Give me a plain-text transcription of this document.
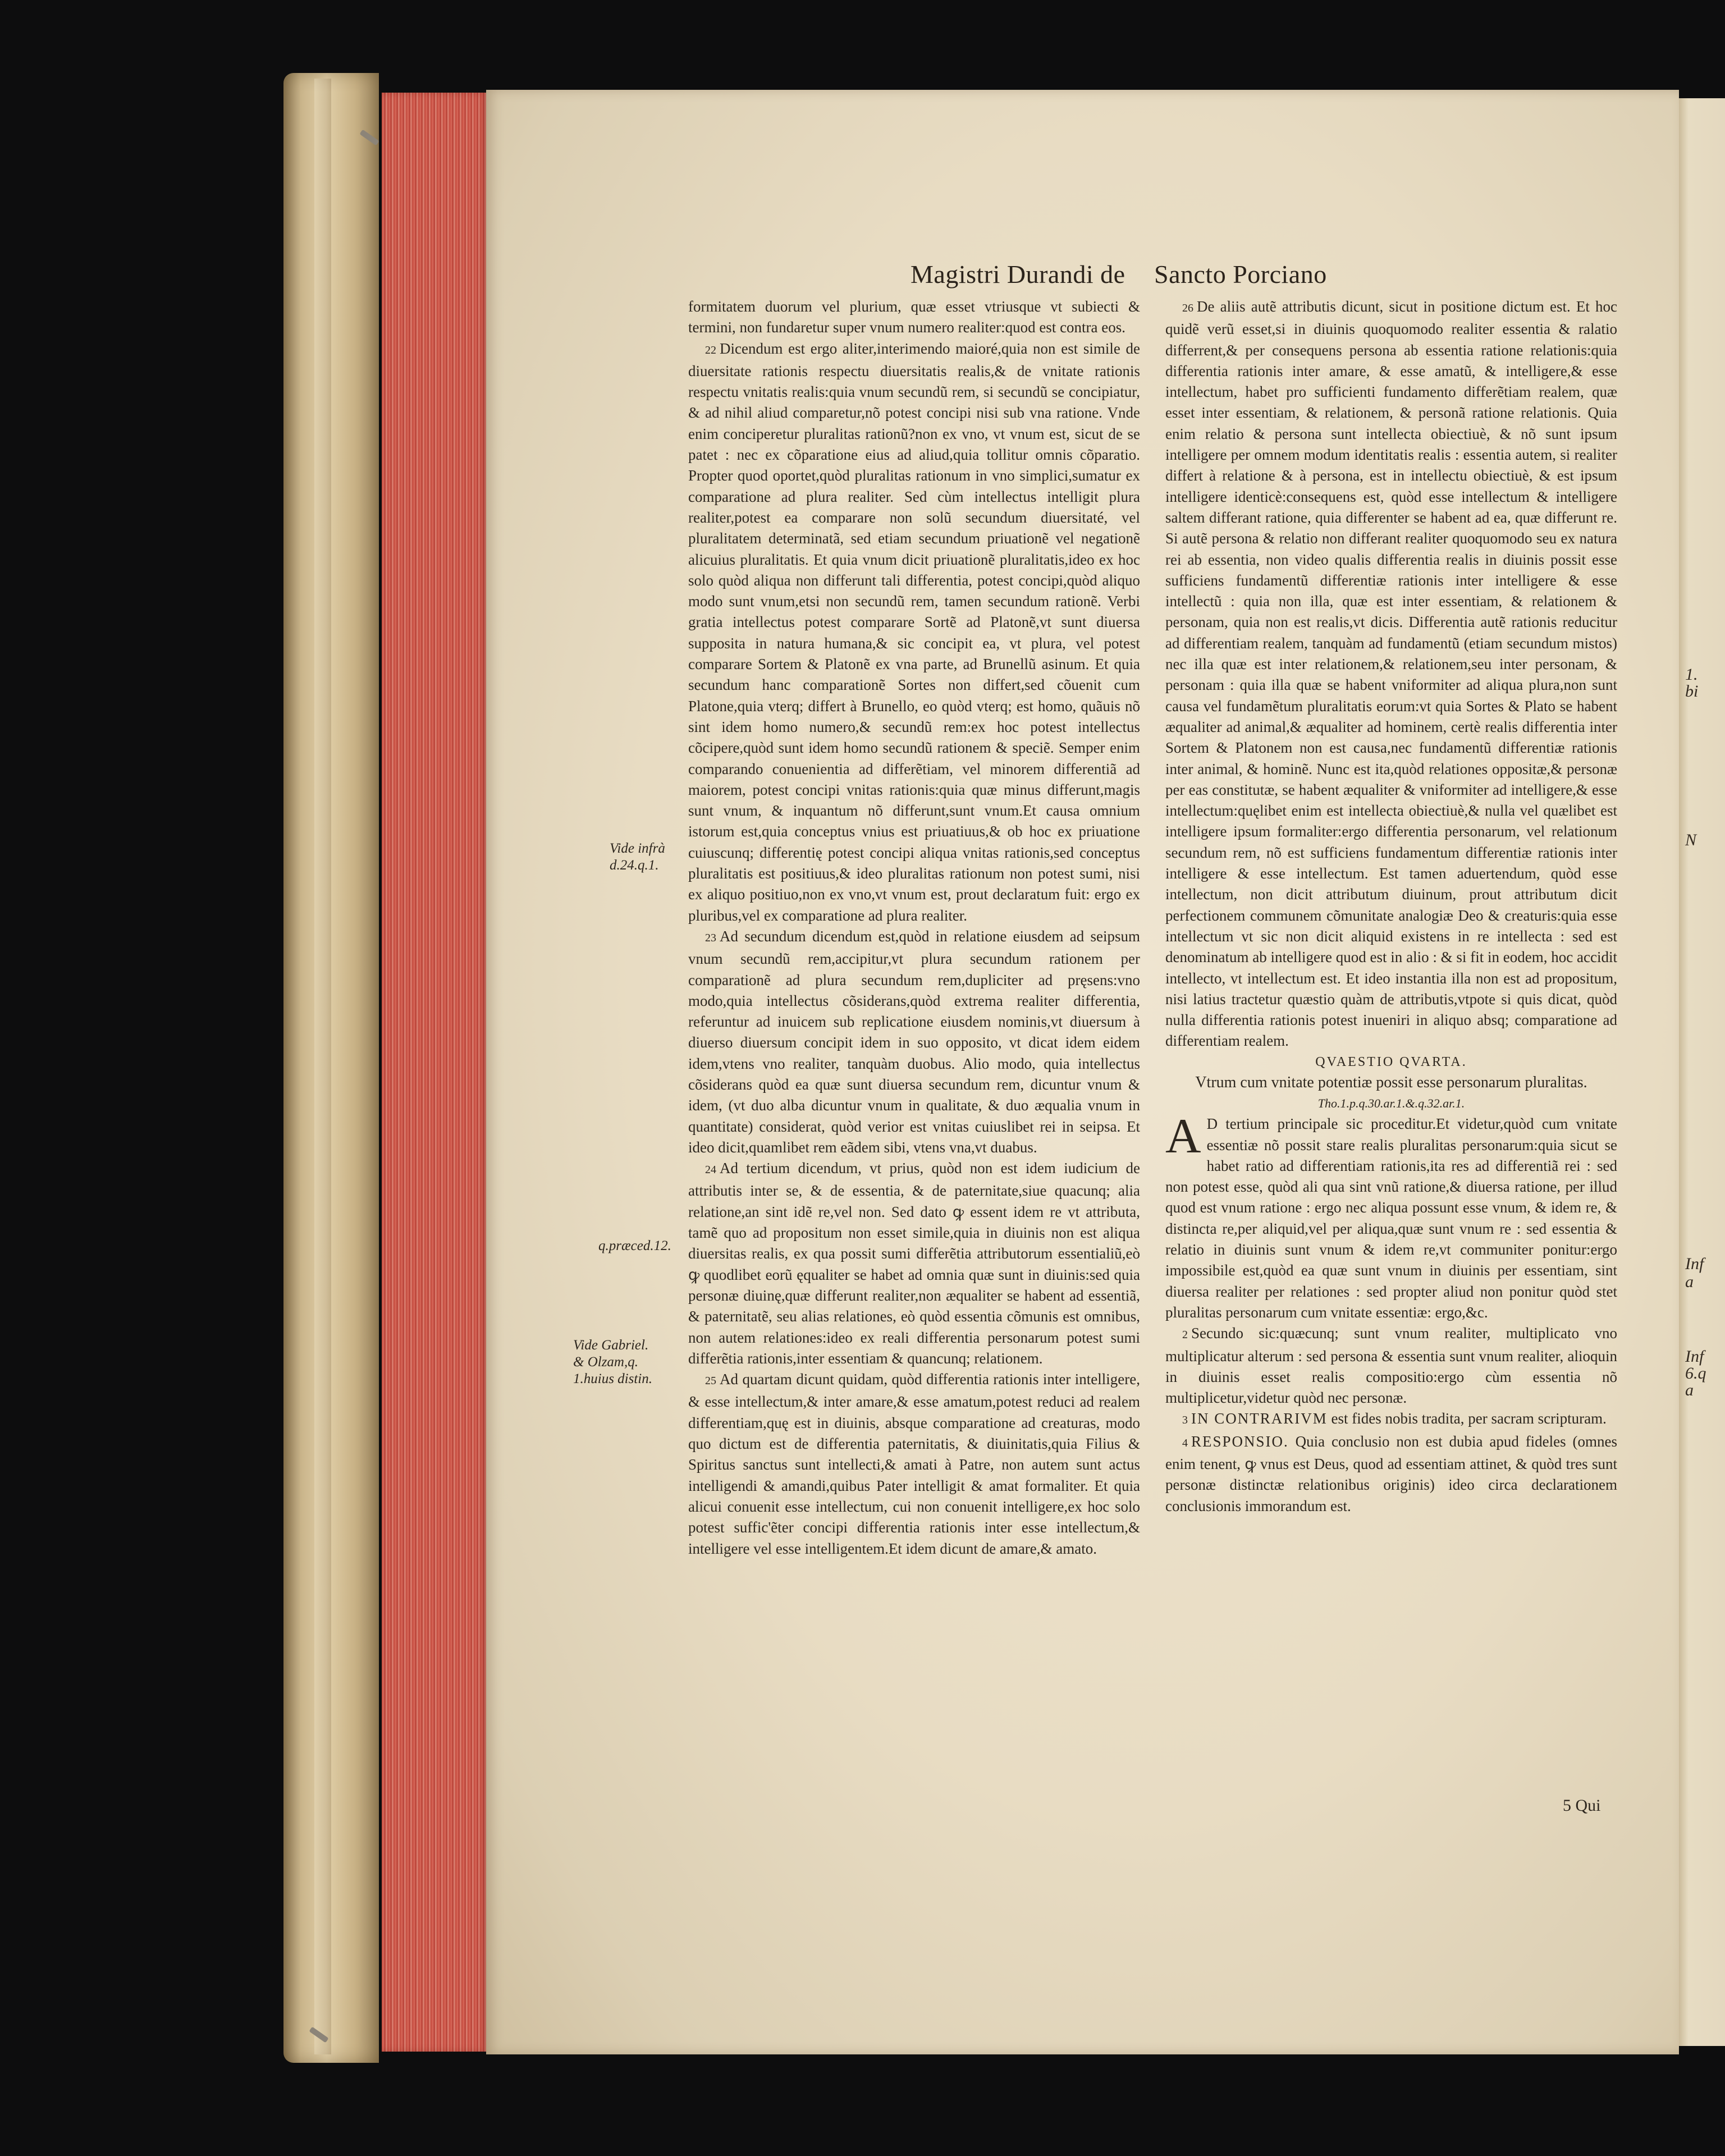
1.
bi
N
Inf
a
Inf
6.q
a
Magistri Durandi de Sancto Porciano
Vide infrà d.24.q.1.
q.præced.12.
Vide Gabriel. & Olzam,q. 1.huius distin.

formitatem duorum vel plurium, quæ esset vtriusque vt subiecti & termini, non fundaretur super vnum numero realiter:quod est contra eos.

22 Dicendum est ergo aliter,interimendo maioré,quia non est simile de diuersitate rationis respectu diuersitatis realis,& de vnitate rationis respectu vnitatis realis:quia vnum secundũ rem, si secundũ se concipiatur, & ad nihil aliud comparetur,nõ potest concipi nisi sub vna ratione. Vnde enim conciperetur pluralitas rationũ?non ex vno, vt vnum est, sicut de se patet : nec ex cõparatione eius ad aliud,quia tollitur omnis cõparatio. Propter quod oportet,quòd pluralitas rationum in vno simplici,sumatur ex comparatione ad plura realiter. Sed cùm intellectus intelligit plura realiter,potest ea comparare non solũ secundum diuersitaté, vel pluralitatem determinatã, sed etiam secundum priuationẽ vel negationẽ alicuius pluralitatis. Et quia vnum dicit priuationẽ pluralitatis,ideo ex hoc solo quòd aliqua non differunt tali differentia, potest concipi,quòd aliquo modo sunt vnum,etsi non secundũ rem, tamen secundum rationẽ. Verbi gratia intellectus potest comparare Sortẽ ad Platonẽ,vt sunt diuersa supposita in natura humana,& sic concipit ea, vt plura, vel potest comparare Sortem & Platonẽ ex vna parte, ad Brunellũ asinum. Et quia secundum hanc comparationẽ Sortes non differt,sed cõuenit cum Platone,quia vterq; differt à Brunello, eo quòd vterq; est homo, quãuis nõ sint idem homo numero,& secundũ rem:ex hoc potest intellectus cõcipere,quòd sunt idem homo secundũ rationem & speciẽ. Semper enim comparando conuenientia ad differẽtiam, vel minorem differentiã ad maiorem, potest concipi vnitas rationis:quia quæ minus differunt,magis sunt vnum, & inquantum nõ differunt,sunt vnum.Et causa omnium istorum est,quia conceptus vnius est priuatiuus,& ob hoc ex priuatione cuiuscunq; differentię potest concipi aliqua vnitas rationis,sed conceptus pluralitatis est positiuus,& ideo pluralitas rationum non potest sumi, nisi ex aliquo positiuo,non ex vno,vt vnum est, prout declaratum fuit: ergo ex pluribus,vel ex comparatione ad plura realiter.

23 Ad secundum dicendum est,quòd in relatione eiusdem ad seipsum vnum secundũ rem,accipitur,vt plura secundum rationem per comparationẽ ad plura secundum rem,dupliciter ad pręsens:vno modo,quia intellectus cõsiderans,quòd extrema realiter differentia, referuntur ad inuicem sub replicatione eiusdem nominis,vt diuersum à diuerso diuersum concipit idem in suo opposito, vt dicat idem eidem idem,vtens vno realiter, tanquàm duobus. Alio modo, quia intellectus cõsiderans quòd ea quæ sunt diuersa secundum rem, dicuntur vnum & idem, (vt duo alba dicuntur vnum in qualitate, & duo æqualia vnum in quantitate) considerat, quòd verior est vnitas cuiuslibet rei in seipsa. Et ideo dicit,quamlibet rem eãdem sibi, vtens vna,vt duabus.

24 Ad tertium dicendum, vt prius, quòd non est idem iudicium de attributis inter se, & de essentia, & de paternitate,siue quacunq; alia relatione,an sint idẽ re,vel non. Sed dato ꝙ essent idem re vt attributa, tamẽ quo ad propositum non esset simile,quia in diuinis non est aliqua diuersitas realis, ex qua possit sumi differẽtia attributorum essentialiũ,eò ꝙ quodlibet eorũ ęqualiter se habet ad omnia quæ sunt in diuinis:sed quia personæ diuinę,quæ differunt realiter,non æqualiter se habent ad essentiã, & paternitatẽ, seu alias relationes, eò quòd essentia cõmunis est omnibus, non autem relationes:ideo ex reali differentia personarum potest sumi differẽtia rationis,inter essentiam & quancunq; relationem.

25 Ad quartam dicunt quidam, quòd differentia rationis inter intelligere, & esse intellectum,& inter amare,& esse amatum,potest reduci ad realem differentiam,quę est in diuinis, absque comparatione ad creaturas, modo quo dictum est de differentia paternitatis, & diuinitatis,quia Filius & Spiritus sanctus sunt intellecti,& amati à Patre, non autem sunt actus intelligendi & amandi,quibus Pater intelligit & amat formaliter. Et quia alicui conuenit esse intellectum, cui non conuenit intelligere,ex hoc solo potest suffic'ẽter concipi differentia rationis inter esse intellectum,& intelligere vel esse intelligentem.Et idem dicunt de amare,& amato.

26 De aliis autẽ attributis dicunt, sicut in positione dictum est. Et hoc quidẽ verũ esset,si in diuinis quoquomodo realiter essentia & ralatio differrent,& per consequens persona ab essentia ratione relationis:quia differentia rationis inter amare, & esse amatũ, & intelligere,& esse intellectum, habet pro sufficienti fundamento differẽtiam realem, quæ esset inter essentiam, & relationem, & personã ratione relationis. Quia enim relatio & persona sunt intellecta obiectiuè, & nõ sunt ipsum intelligere per omnem modum identitatis realis : essentia autem, si realiter differt à relatione & à persona, est in intellectu obiectiuè, & est ipsum intelligere identicè:consequens est, quòd esse intellectum & intelligere saltem differant ratione, quia differenter se habent ad ea, quæ differunt re. Si autẽ persona & relatio non differant realiter quoquomodo seu ex natura rei ab essentia, non video qualis differentia realis in diuinis possit esse sufficiens fundamentũ differentiæ rationis inter intelligere & esse intellectũ : quia non illa, quæ est inter essentiam, & relationem & personam, quia non est realis,vt dicis. Differentia autẽ rationis reducitur ad differentiam realem, tanquàm ad fundamentũ (etiam secundum mistos) nec illa quæ est inter relationem,& relationem,seu inter personam, & personam : quia illa quæ se habent vniformiter ad aliqua plura,non sunt causa vel fundamẽtum pluralitatis eorum:vt quia Sortes & Plato se habent æqualiter ad animal,& æqualiter ad hominem, certè realis differentia inter Sortem & Platonem non est causa,nec fundamentũ differentiæ rationis inter animal, & hominẽ. Nunc est ita,quòd relationes oppositæ,& personæ per eas constitutæ, se habent æqualiter & vniformiter ad intelligere,& esse intellectum:quęlibet enim est intellecta obiectiuè,& nulla vel quælibet est intelligere ipsum formaliter:ergo differentia personarum, vel relationum secundum rem, nõ est sufficiens fundamentum differentiæ rationis inter intelligere & esse intellectum. Est tamen aduertendum, quòd esse intellectum, non dicit attributum diuinum, prout attributum dicit perfectionem communem cõmunitate analogiæ Deo & creaturis:quia esse intellectum vt sic non dicit aliquid existens in re intellecta : sed est denominatum ab intelligere quod est in alio : & si fit in eodem, hoc accidit intellecto, vt intellectum est. Et ideo instantia illa non est ad propositum, nisi latius tractetur quæstio quàm de attributis,vtpote si quis dicat, quòd nulla differentia rationis potest inueniri in aliquo absq; comparatione ad differentiam realem.

QVAESTIO QVARTA.

Vtrum cum vnitate potentiæ possit esse personarum pluralitas.

Tho.1.p.q.30.ar.1.&.q.32.ar.1.

A D tertium principale sic proceditur.Et videtur,quòd cum vnitate essentiæ nõ possit stare realis pluralitas personarum:quia sicut se habet ratio ad differentiam rationis,ita res ad differentiã rei : sed non potest esse, quòd ali qua sint vnũ ratione,& diuersa ratione, per illud quod est vnum ratione : ergo nec aliqua possunt esse vnum, & idem re, & distincta re,per aliquid,vel per aliqua,quæ sunt vnum re : sed essentia & relatio in diuinis sunt vnum & idem re,vt communiter ponitur:ergo impossibile est,quòd ea quæ sunt vnum in diuinis per essentiam, sint diuersa realiter per relationes : sed propter aliud non ponitur quòd stet pluralitas personarum cum vnitate essentiæ: ergo,&c.

2 Secundo sic:quæcunq; sunt vnum realiter, multiplicato vno multiplicatur alterum : sed persona & essentia sunt vnum realiter, alioquin in diuinis esset realis compositio:ergo cùm essentia nõ multiplicetur,videtur quòd nec personæ.

3 IN CONTRARIVM est fides nobis tradita, per sacram scripturam.

4 RESPONSIO. Quia conclusio non est dubia apud fideles (omnes enim tenent, ꝙ vnus est Deus, quod ad essentiam attinet, & quòd tres sunt personæ distinctæ relationibus originis) ideo circa declarationem conclusionis immorandum est.

5 Qui
